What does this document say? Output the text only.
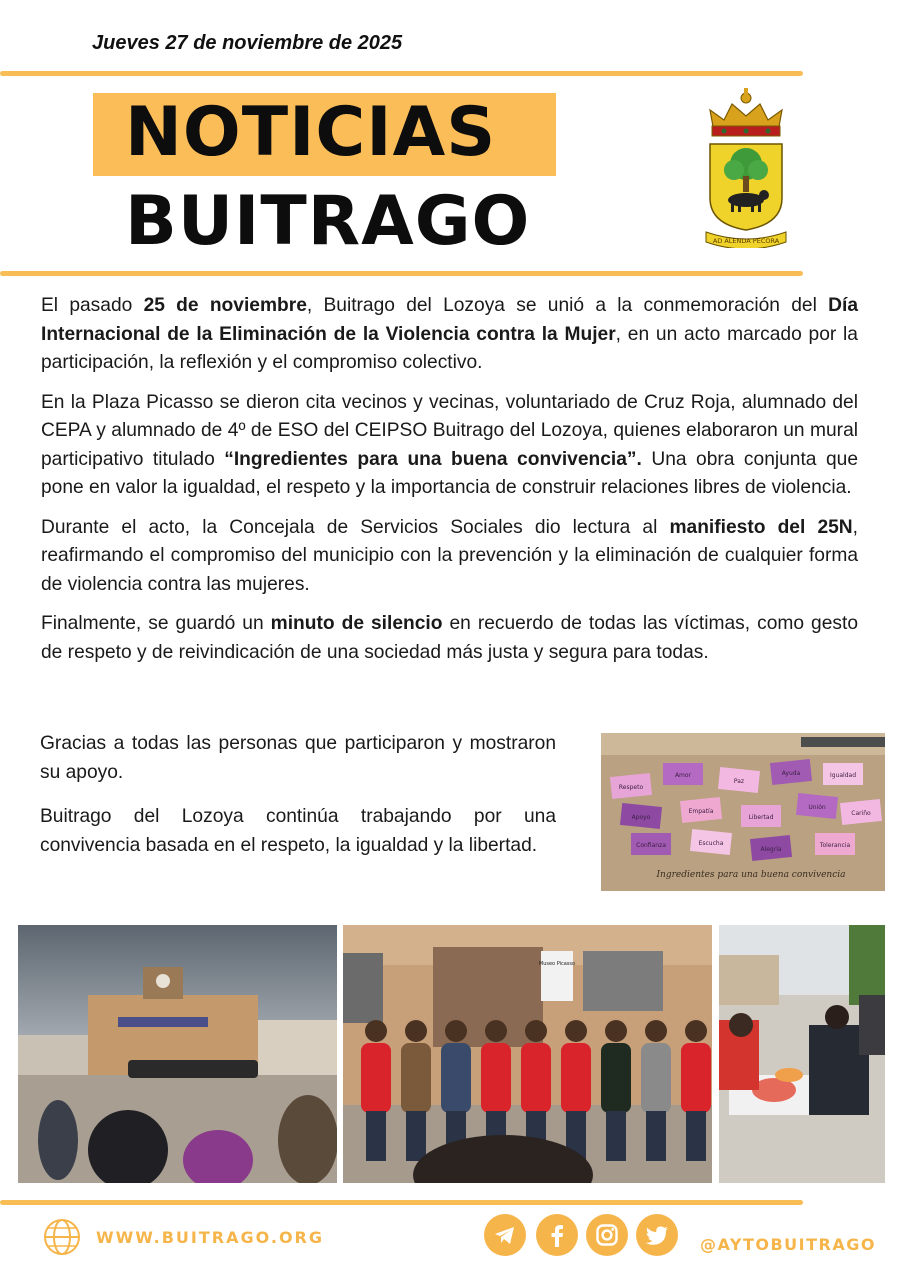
Jueves 27 de noviembre de 2025
NOTICIAS
BUITRAGO	AD ALENDA PECORA

El pasado 25 de noviembre, Buitrago del Lozoya se unió a la conmemoración del Día Internacional de la Eliminación de la Violencia contra la Mujer, en un acto marcado por la participación, la reflexión y el compromiso colectivo.

En la Plaza Picasso se dieron cita vecinos y vecinas, voluntariado de Cruz Roja, alumnado del CEPA y alumnado de 4º de ESO del CEIPSO Buitrago del Lozoya, quienes elaboraron un mural participativo titulado “Ingredientes para una buena convivencia”. Una obra conjunta que pone en valor la igualdad, el respeto y la importancia de construir relaciones libres de violencia.

Durante el acto, la Concejala de Servicios Sociales dio lectura al manifiesto del 25N, reafirmando el compromiso del municipio con la prevención y la eliminación de cualquier forma de violencia contra las mujeres.

Finalmente, se guardó un minuto de silencio en recuerdo de todas las víctimas, como gesto de respeto y de reivindicación de una sociedad más justa y segura para todas.

Gracias a todas las personas que participaron y mostraron su apoyo.

Buitrago del Lozoya continúa trabajando por una convivencia basada en el respeto, la igualdad y la libertad.

Respeto
Amor
Paz
Ayuda	Igualdad
Apoyo
Empatía
Libertad
Unión
Cariño
Confianza	Escucha
Alegría
Tolerancia
Ingredientes para una buena convivencia
Museo Picasso
WWW.BUITRAGO.ORG	@AYTOBUITRAGO
